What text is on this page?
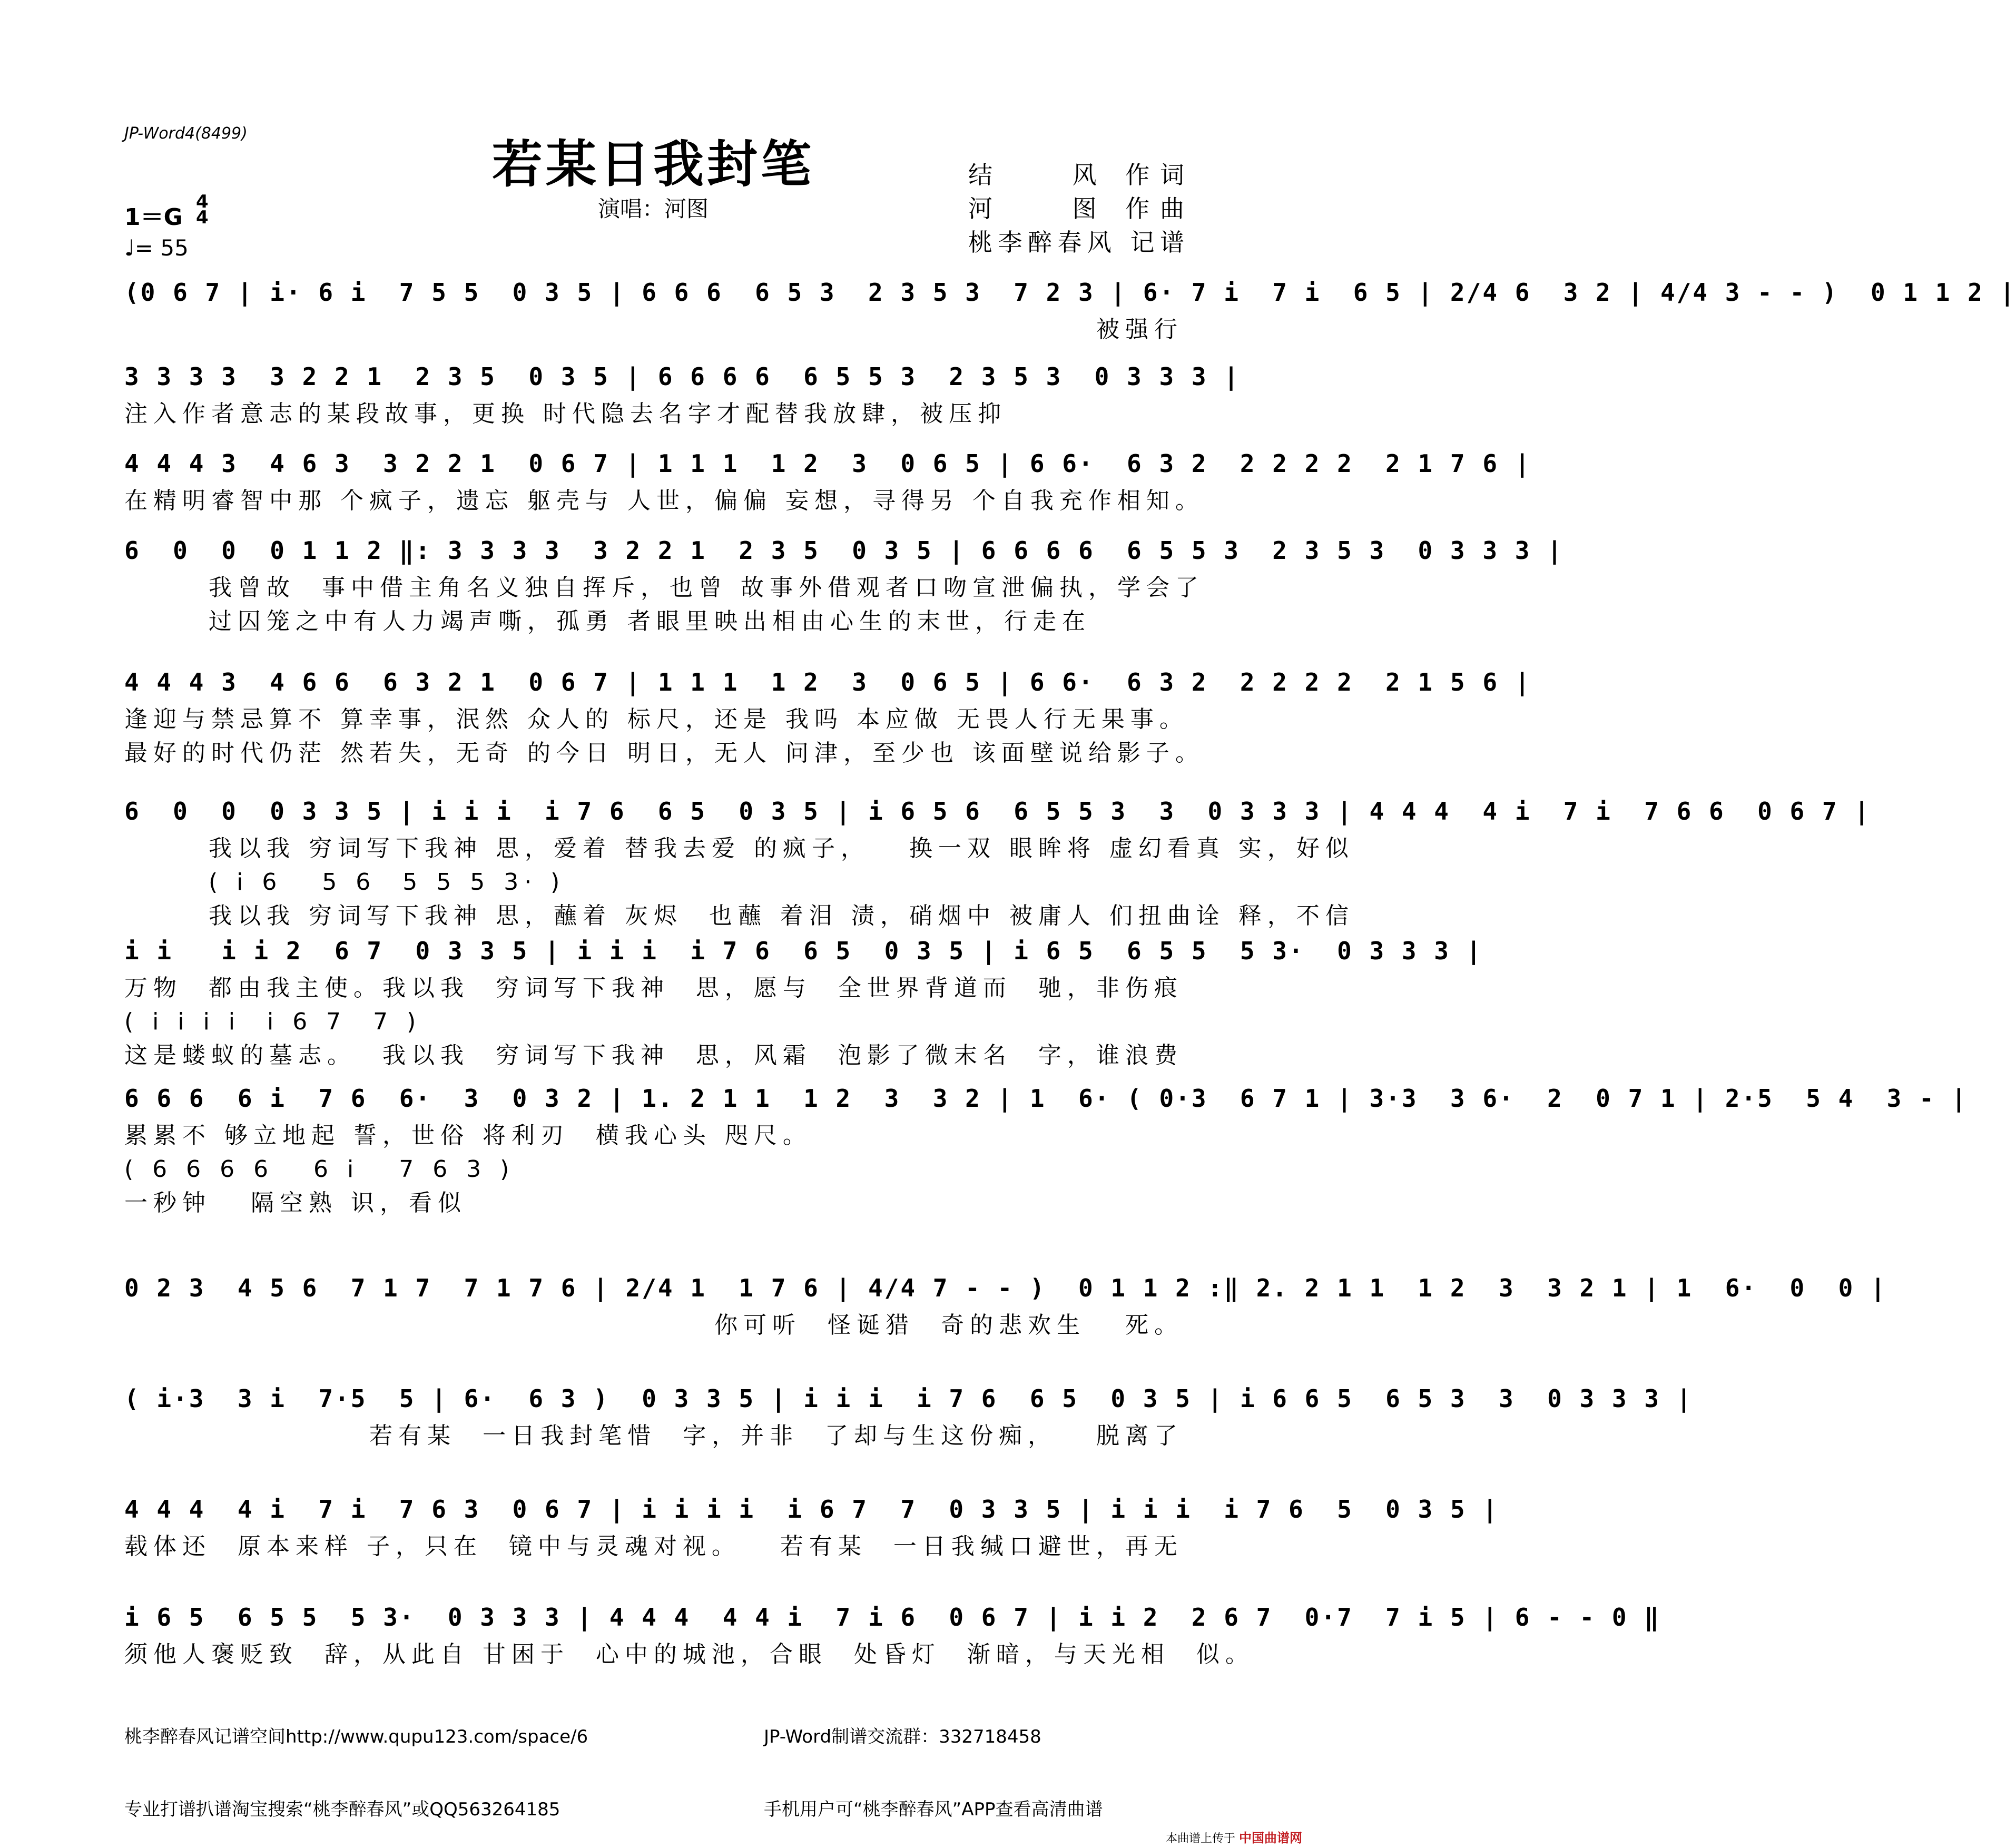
JP-Word4(8499)
若某日我封笔
演唱：河图
结　　风 作词
河　　图 作曲
桃李醉春风 记谱
1＝G
4
4
♩= 55
(0 6 7 | i· 6 i  7 5 5  0 3 5 | 6 6 6  6 5 3  2 3 5 3  7 2 3 | 6· 7 i  7 i  6 5 | 2/4 6  3 2 | 4/4 3 - - )  0 1 1 2 |
被强行
3 3 3 3  3 2 2 1  2 3 5  0 3 5 | 6 6 6 6  6 5 5 3  2 3 5 3  0 3 3 3 |
注入作者意志的某段故事，更换 时代隐去名字才配替我放肆，被压抑
4 4 4 3  4 6 3  3 2 2 1  0 6 7 | 1 1 1  1 2  3  0 6 5 | 6 6·  6 3 2  2 2 2 2  2 1 7 6 |
在精明睿智中那 个疯子，遗忘 躯壳与 人世，偏偏 妄想，寻得另 个自我充作相知。
6  0  0  0 1 1 2 ‖: 3 3 3 3  3 2 2 1  2 3 5  0 3 5 | 6 6 6 6  6 5 5 3  2 3 5 3  0 3 3 3 |
我曾故  事中借主角名义独自挥斥，也曾 故事外借观者口吻宣泄偏执，学会了
过囚笼之中有人力竭声嘶，孤勇 者眼里映出相由心生的末世，行走在
4 4 4 3  4 6 6  6 3 2 1  0 6 7 | 1 1 1  1 2  3  0 6 5 | 6 6·  6 3 2  2 2 2 2  2 1 5 6 |
逢迎与禁忌算不 算幸事，泯然 众人的 标尺，还是 我吗 本应做 无畏人行无果事。
最好的时代仍茫 然若失，无奇 的今日 明日，无人 问津，至少也 该面壁说给影子。
6  0  0  0 3 3 5 | i i i  i 7 6  6 5  0 3 5 | i 6 5 6  6 5 5 3  3  0 3 3 3 | 4 4 4  4 i  7 i  7 6 6  0 6 7 |
我以我 穷词写下我神 思，爱着 替我去爱 的疯子，   换一双 眼眸将 虚幻看真 实，好似
( i 6   5 6  5 5 5 3· )
我以我 穷词写下我神 思，蘸着 灰烬  也蘸 着泪 渍，硝烟中 被庸人 们扭曲诠 释，不信
i i   i i 2  6 7  0 3 3 5 | i i i  i 7 6  6 5  0 3 5 | i 6 5  6 5 5  5 3·  0 3 3 3 |
万物  都由我主使。我以我  穷词写下我神  思，愿与  全世界背道而  驰，非伤痕
( i i i i  i 6 7  7 )
这是蝼蚁的墓志。  我以我  穷词写下我神  思，风霜  泡影了微末名  字，谁浪费
6 6 6  6 i  7 6  6·  3  0 3 2 | 1. 2 1 1  1 2  3  3 2 | 1  6· ( 0·3  6 7 1 | 3·3  3 6·  2  0 7 1 | 2·5  5 4  3 - |
累累不 够立地起 誓，世俗 将利刃  横我心头 咫尺。
( 6 6 6 6   6 i   7 6 3 )
一秒钟   隔空熟 识，看似
0 2 3  4 5 6  7 1 7  7 1 7 6 | 2/4 1  1 7 6 | 4/4 7 - - )  0 1 1 2 :‖ 2. 2 1 1  1 2  3  3 2 1 | 1  6·  0  0 |
你可听  怪诞猎  奇的悲欢生   死。
( i·3  3 i  7·5  5 | 6·  6 3 )  0 3 3 5 | i i i  i 7 6  6 5  0 3 5 | i 6 6 5  6 5 3  3  0 3 3 3 |
若有某  一日我封笔惜  字，并非  了却与生这份痴，   脱离了
4 4 4  4 i  7 i  7 6 3  0 6 7 | i i i i  i 6 7  7  0 3 3 5 | i i i  i 7 6  5  0 3 5 |
载体还  原本来样 子，只在  镜中与灵魂对视。   若有某  一日我缄口避世，再无
i 6 5  6 5 5  5 3·  0 3 3 3 | 4 4 4  4 4 i  7 i 6  0 6 7 | i i 2  2 6 7  0·7  7 i 5 | 6 - - 0 ‖
须他人褒贬致  辞，从此自 甘困于  心中的城池，合眼  处昏灯  渐暗，与天光相  似。

桃李醉春风记谱空间http://www.qupu123.com/space/6

专业打谱扒谱淘宝搜索“桃李醉春风”或QQ563264185

JP-Word制谱交流群：332718458

手机用户可“桃李醉春风”APP查看高清曲谱

本曲谱上传于 中国曲谱网
